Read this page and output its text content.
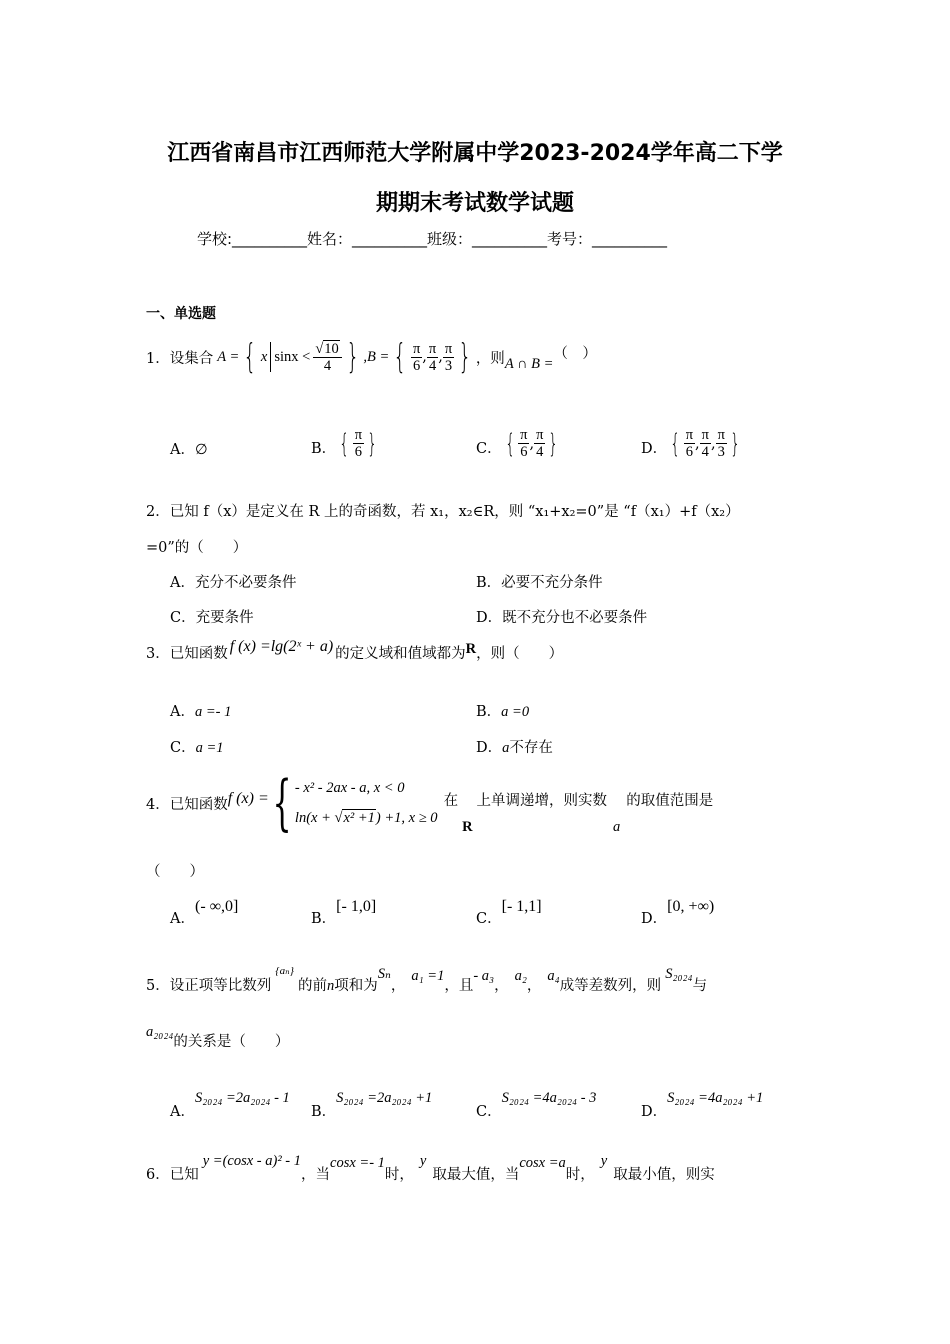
江西省南昌市江西师范大学附属中学2023-2024学年高二下学
期期末考试数学试题
学校:__________姓名：__________班级：__________考号：__________
一、单选题
1．设集合 A = { x $\sin x < \frac{√10}{4}$ } ,B = { $\frac{\pi}{6}$ , $\frac{\pi}{4}$ , $\frac{\pi}{3}$ } ，则 A ∩ B =
（　）
A．∅	B． { $\frac{\pi}{6}$ }	C． { $\frac{\pi}{6}$ , $\frac{\pi}{4}$ }	D． { $\frac{\pi}{6}$ , $\frac{\pi}{4}$ , $\frac{\pi}{3}$ }
2．已知 f（x）是定义在 R 上的奇函数，若 x₁，x₂∈R，则 “x₁+x₂=0”是 “f（x₁）+f（x₂）
=0”的（　　）
A．充分不必要条件	B．必要不充分条件
C．充要条件	D．既不充分也不必要条件
3．已知函数 f (x) =lg(2ˣ + a) 的定义域和值域都为 R ，则（　　）
A．a =- 1	B．a =0
C．a =1	D．a不存在
4．已知函数 f (x) = { - x² - 2ax - a, x < 0
ln(x + √x² +1) +1, x ≥ 0
在
R
上单调递增，则实数
a
的取值范围是
（　　）
A．
(- ∞,0]
B．
[- 1,0]
C．
[- 1,1]
D．
[0, +∞)
5．设正项等比数列
{aₙ}
的前 n 项和为
Sₙ
，
a₁ =1
，且
- a₃
，
a₂
，
a₄
成等差数列，则
S₂₀₂₄
与
a₂₀₂₄
的关系是（　　）
A．
S₂₀₂₄ =2a₂₀₂₄ - 1
B．
S₂₀₂₄ =2a₂₀₂₄ +1
C．
S₂₀₂₄ =4a₂₀₂₄ - 3
D．
S₂₀₂₄ =4a₂₀₂₄ +1
6．已知
y =(cosx - a)² - 1
，当
cosx =- 1
时，
y
取最大值，当
cosx =a
时，
y
取最小值，则实
